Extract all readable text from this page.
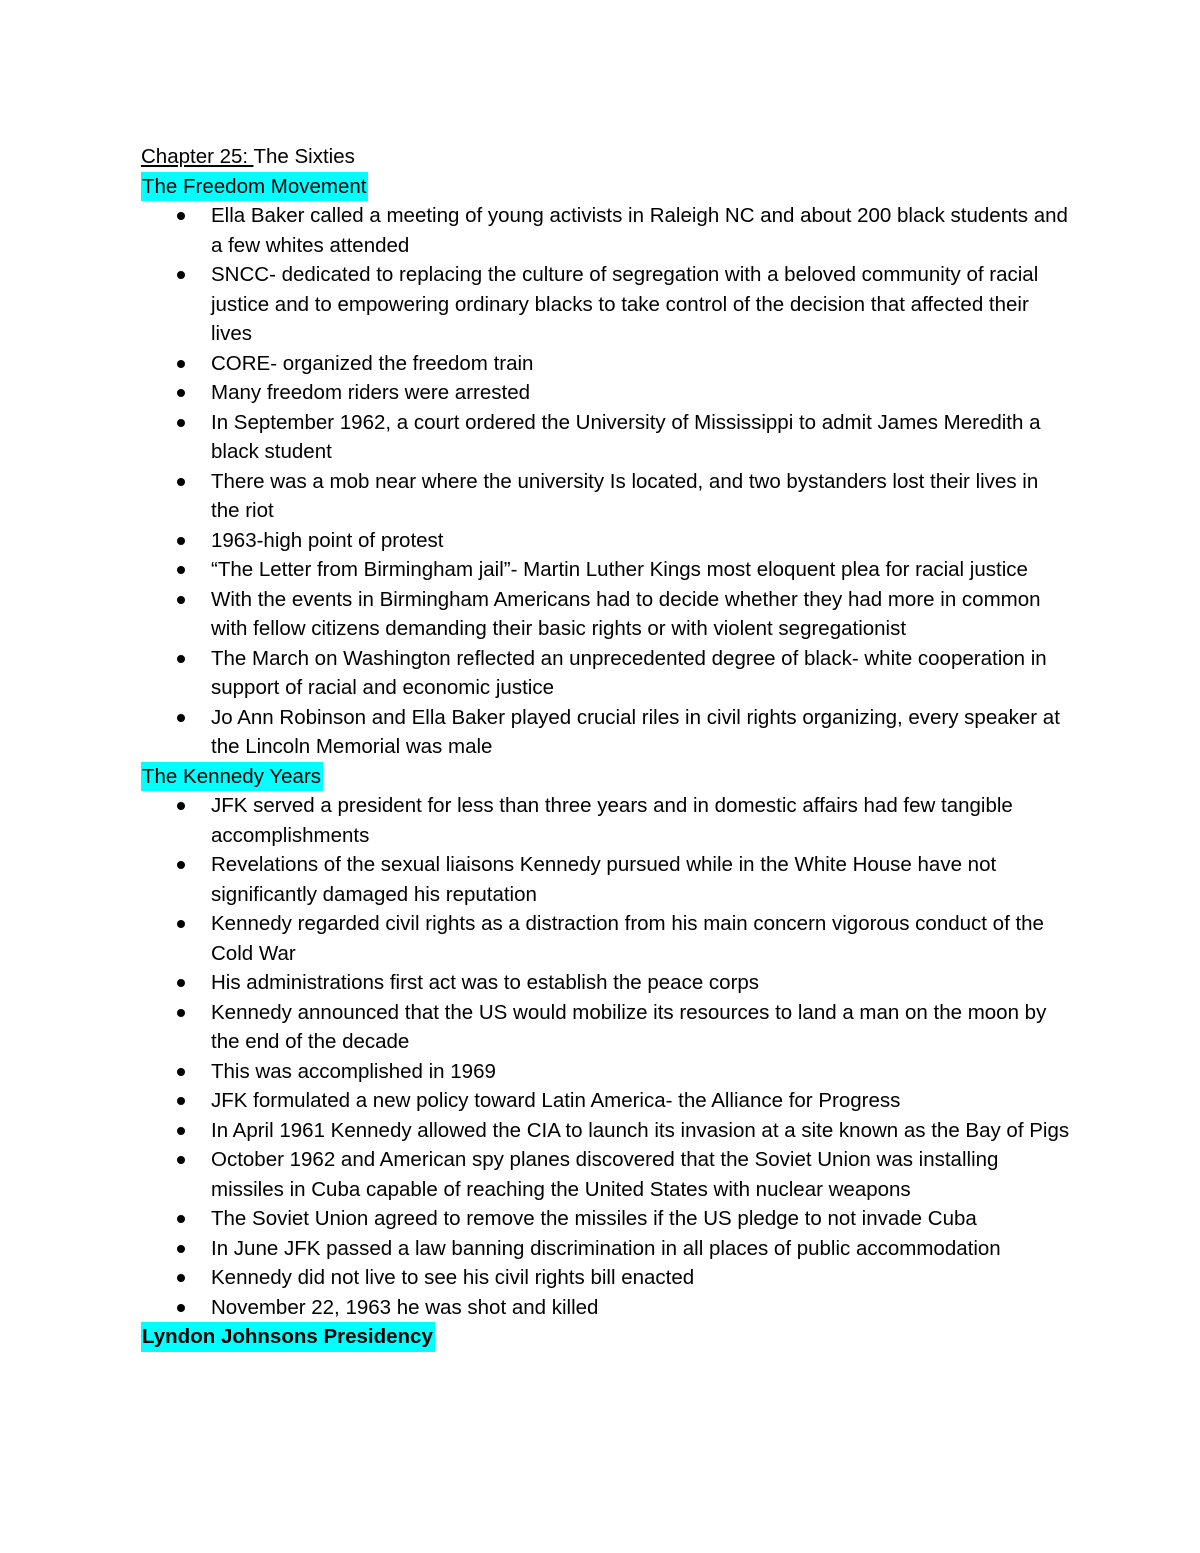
Chapter 25: The Sixties
The Freedom Movement
Ella Baker called a meeting of young activists in Raleigh NC and about 200 black students and a few whites attended
SNCC- dedicated to replacing the culture of segregation with a beloved community of racial justice and to empowering ordinary blacks to take control of the decision that affected their lives
CORE- organized the freedom train
Many freedom riders were arrested
In September 1962, a court ordered the University of Mississippi to admit James Meredith a black student
There was a mob near where the university Is located, and two bystanders lost their lives in the riot
1963-high point of protest
“The Letter from Birmingham jail”- Martin Luther Kings most eloquent plea for racial justice
With the events in Birmingham Americans had to decide whether they had more in common with fellow citizens demanding their basic rights or with violent segregationist
The March on Washington reflected an unprecedented degree of black- white cooperation in support of racial and economic justice
Jo Ann Robinson and Ella Baker played crucial riles in civil rights organizing, every speaker at the Lincoln Memorial was male
The Kennedy Years
JFK served a president for less than three years and in domestic affairs had few tangible accomplishments
Revelations of the sexual liaisons Kennedy pursued while in the White House have not significantly damaged his reputation
Kennedy regarded civil rights as a distraction from his main concern vigorous conduct of the Cold War
His administrations first act was to establish the peace corps
Kennedy announced that the US would mobilize its resources to land a man on the moon by the end of the decade
This was accomplished in 1969
JFK formulated a new policy toward Latin America- the Alliance for Progress
In April 1961 Kennedy allowed the CIA to launch its invasion at a site known as the Bay of Pigs
October 1962 and American spy planes discovered that the Soviet Union was installing missiles in Cuba capable of reaching the United States with nuclear weapons
The Soviet Union agreed to remove the missiles if the US pledge to not invade Cuba
In June JFK passed a law banning discrimination in all places of public accommodation
Kennedy did not live to see his civil rights bill enacted
November 22, 1963 he was shot and killed
Lyndon Johnsons Presidency
